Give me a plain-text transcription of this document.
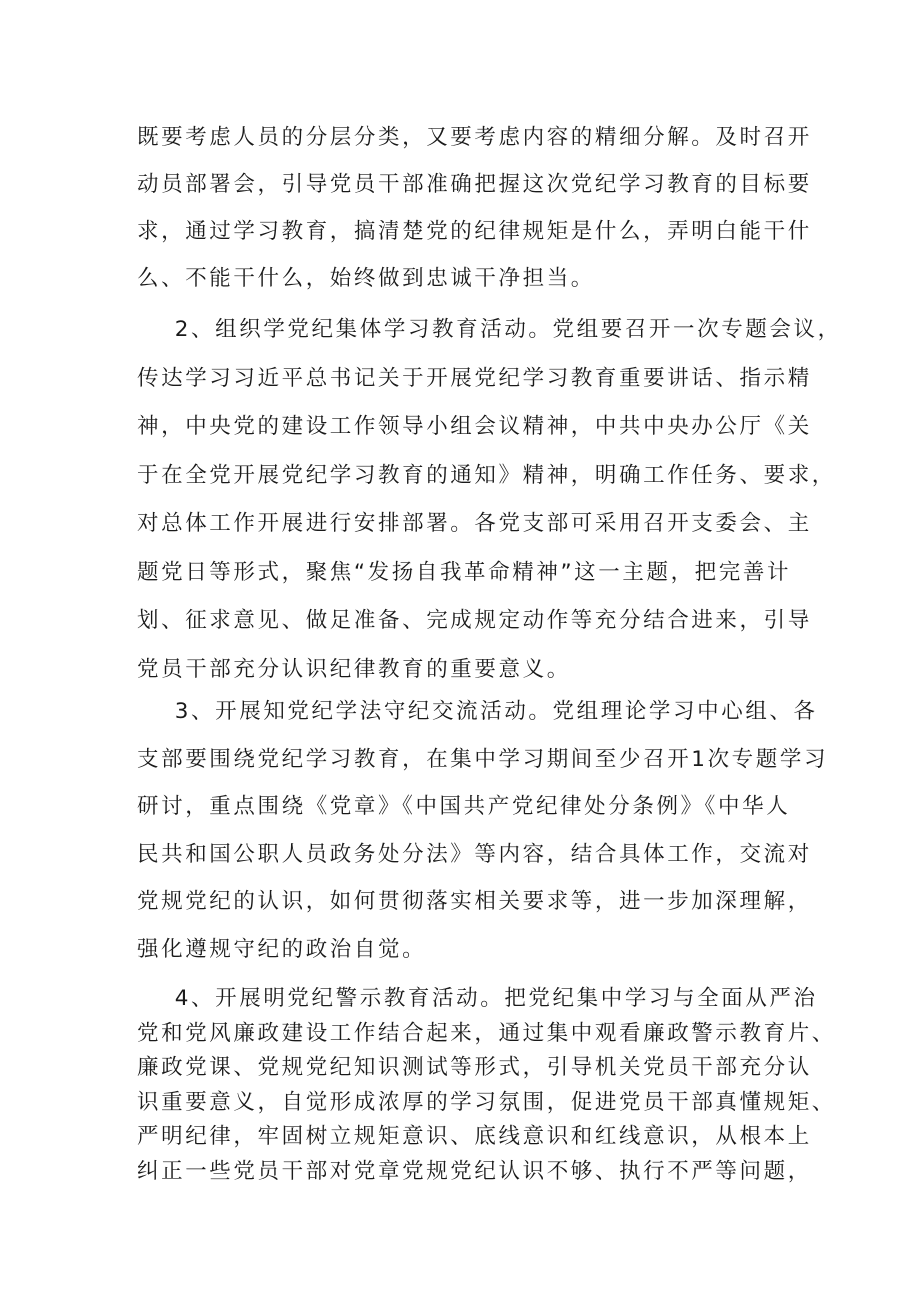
既要考虑人员的分层分类，又要考虑内容的精细分解。及时召开
动员部署会，引导党员干部准确把握这次党纪学习教育的目标要
求，通过学习教育，搞清楚党的纪律规矩是什么，弄明白能干什
么、不能干什么，始终做到忠诚干净担当。

2、组织学党纪集体学习教育活动。党组要召开一次专题会议，
传达学习习近平总书记关于开展党纪学习教育重要讲话、指示精
神，中央党的建设工作领导小组会议精神，中共中央办公厅《关
于在全党开展党纪学习教育的通知》精神，明确工作任务、要求，
对总体工作开展进行安排部署。各党支部可采用召开支委会、主
题党日等形式，聚焦“发扬自我革命精神”这一主题，把完善计
划、征求意见、做足准备、完成规定动作等充分结合进来，引导
党员干部充分认识纪律教育的重要意义。

3、开展知党纪学法守纪交流活动。党组理论学习中心组、各
支部要围绕党纪学习教育，在集中学习期间至少召开1次专题学习
研讨，重点围绕《党章》《中国共产党纪律处分条例》《中华人
民共和国公职人员政务处分法》等内容，结合具体工作，交流对
党规党纪的认识，如何贯彻落实相关要求等，进一步加深理解，
强化遵规守纪的政治自觉。

4、开展明党纪警示教育活动。把党纪集中学习与全面从严治
党和党风廉政建设工作结合起来，通过集中观看廉政警示教育片、
廉政党课、党规党纪知识测试等形式，引导机关党员干部充分认
识重要意义，自觉形成浓厚的学习氛围，促进党员干部真懂规矩、
严明纪律，牢固树立规矩意识、底线意识和红线意识，从根本上
纠正一些党员干部对党章党规党纪认识不够、执行不严等问题，
